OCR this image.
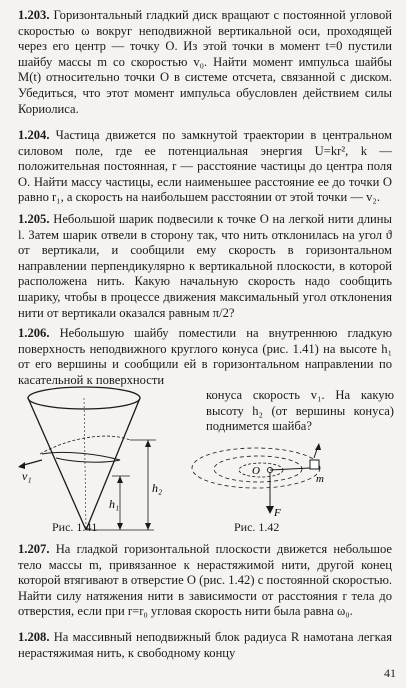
1.203. Горизонтальный гладкий диск вращают с постоянной угловой скоростью ω вокруг неподвижной вертикальной оси, проходящей через его центр — точку O. Из этой точки в момент t=0 пустили шайбу массы m со скоростью v₀. Найти момент импульса шайбы M(t) относительно точки O в системе отсчета, связанной с диском. Убедиться, что этот момент импульса обусловлен действием силы Кориолиса.

1.204. Частица движется по замкнутой траектории в центральном силовом поле, где ее потенциальная энергия U=kr², k — положительная постоянная, r — расстояние частицы до центра поля O. Найти массу частицы, если наименьшее расстояние ее до точки O равно r₁, а скорость на наибольшем расстоянии от этой точки — v₂.

1.205. Небольшой шарик подвесили к точке O на легкой нити длины l. Затем шарик отвели в сторону так, что нить отклонилась на угол ϑ от вертикали, и сообщили ему скорость в горизонтальном направлении перпендикулярно к вертикальной плоскости, в которой расположена нить. Какую начальную скорость надо сообщить шарику, чтобы в процессе движения максимальный угол отклонения нити от вертикали оказался равным π/2?

1.206. Небольшую шайбу поместили на внутреннюю гладкую поверхность неподвижного круглого конуса (рис. 1.41) на высоте h₁ от его вершины и сообщили ей в горизонтальном направлении по касательной к поверхности

конуса скорость v₁. На какую высоту h₂ (от вершины конуса) поднимется шайба?

v₁
h₁
h₂
Рис. 1.41
O
m
F
Рис. 1.42

1.207. На гладкой горизонтальной плоскости движется небольшое тело массы m, привязанное к нерастяжимой нити, другой конец которой втягивают в отверстие O (рис. 1.42) с постоянной скоростью. Найти силу натяжения нити в зависимости от расстояния r тела до отверстия, если при r=r₀ угловая скорость нити была равна ω₀.

1.208. На массивный неподвижный блок радиуса R намотана легкая нерастяжимая нить, к свободному концу

41
